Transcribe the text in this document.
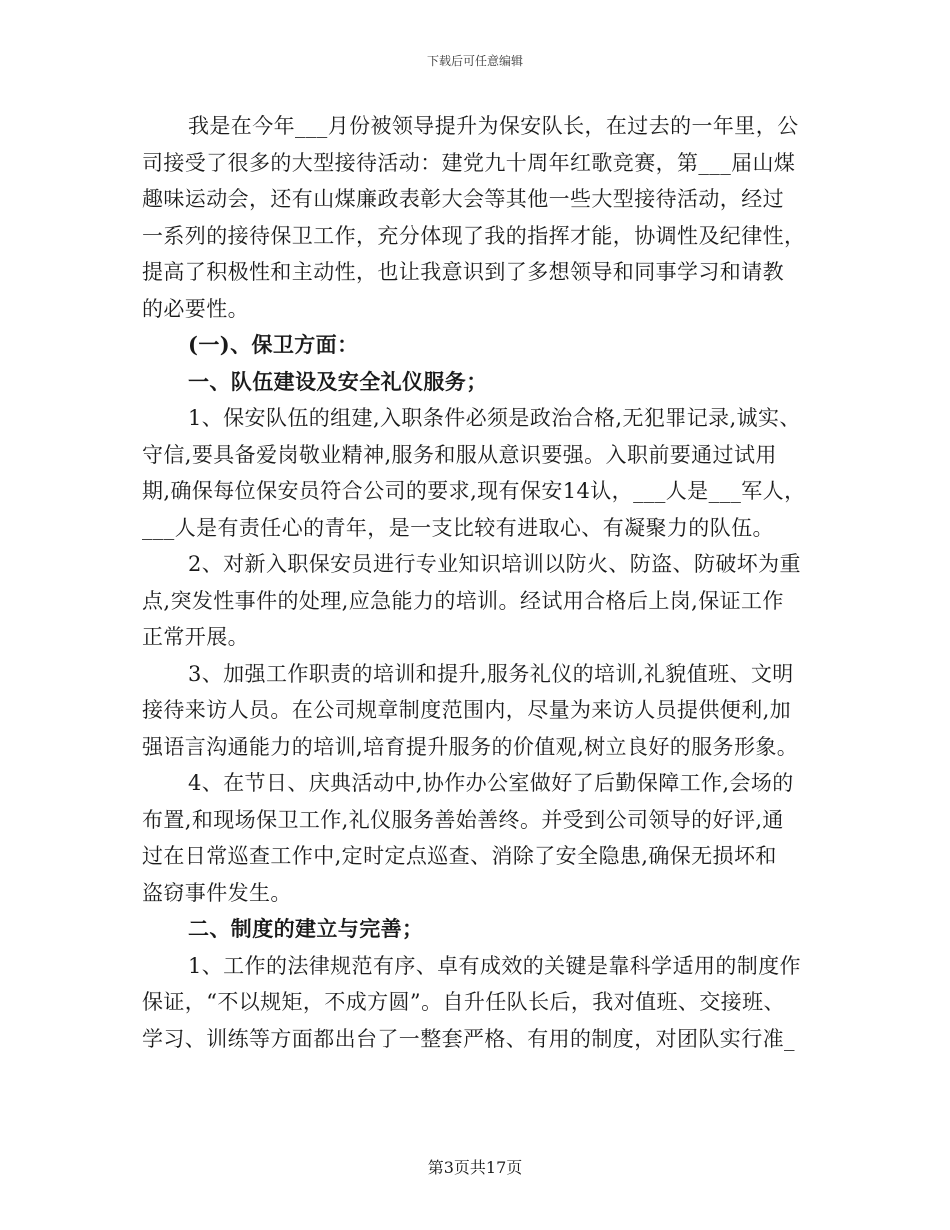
下载后可任意编辑
我是在今年___月份被领导提升为保安队长，在过去的一年里，公
司接受了很多的大型接待活动：建党九十周年红歌竞赛，第___届山煤
趣味运动会，还有山煤廉政表彰大会等其他一些大型接待活动，经过
一系列的接待保卫工作，充分体现了我的指挥才能，协调性及纪律性，
提高了积极性和主动性，也让我意识到了多想领导和同事学习和请教
的必要性。
(一)、保卫方面：
一、队伍建设及安全礼仪服务；
1、保安队伍的组建,入职条件必须是政治合格,无犯罪记录,诚实、
守信,要具备爱岗敬业精神,服务和服从意识要强。入职前要通过试用
期,确保每位保安员符合公司的要求,现有保安14认，___人是___军人，
___人是有责任心的青年，是一支比较有进取心、有凝聚力的队伍。
2、对新入职保安员进行专业知识培训以防火、防盗、防破坏为重
点,突发性事件的处理,应急能力的培训。经试用合格后上岗,保证工作
正常开展。
3、加强工作职责的培训和提升,服务礼仪的培训,礼貌值班、文明
接待来访人员。在公司规章制度范围内，尽量为来访人员提供便利,加
强语言沟通能力的培训,培育提升服务的价值观,树立良好的服务形象。
4、在节日、庆典活动中,协作办公室做好了后勤保障工作,会场的
布置,和现场保卫工作,礼仪服务善始善终。并受到公司领导的好评,通
过在日常巡查工作中,定时定点巡查、消除了安全隐患,确保无损坏和
盗窃事件发生。
二、制度的建立与完善；
1、工作的法律规范有序、卓有成效的关键是靠科学适用的制度作
保证，“不以规矩，不成方圆”。自升任队长后，我对值班、交接班、
学习、训练等方面都出台了一整套严格、有用的制度，对团队实行准_
第3页共17页
